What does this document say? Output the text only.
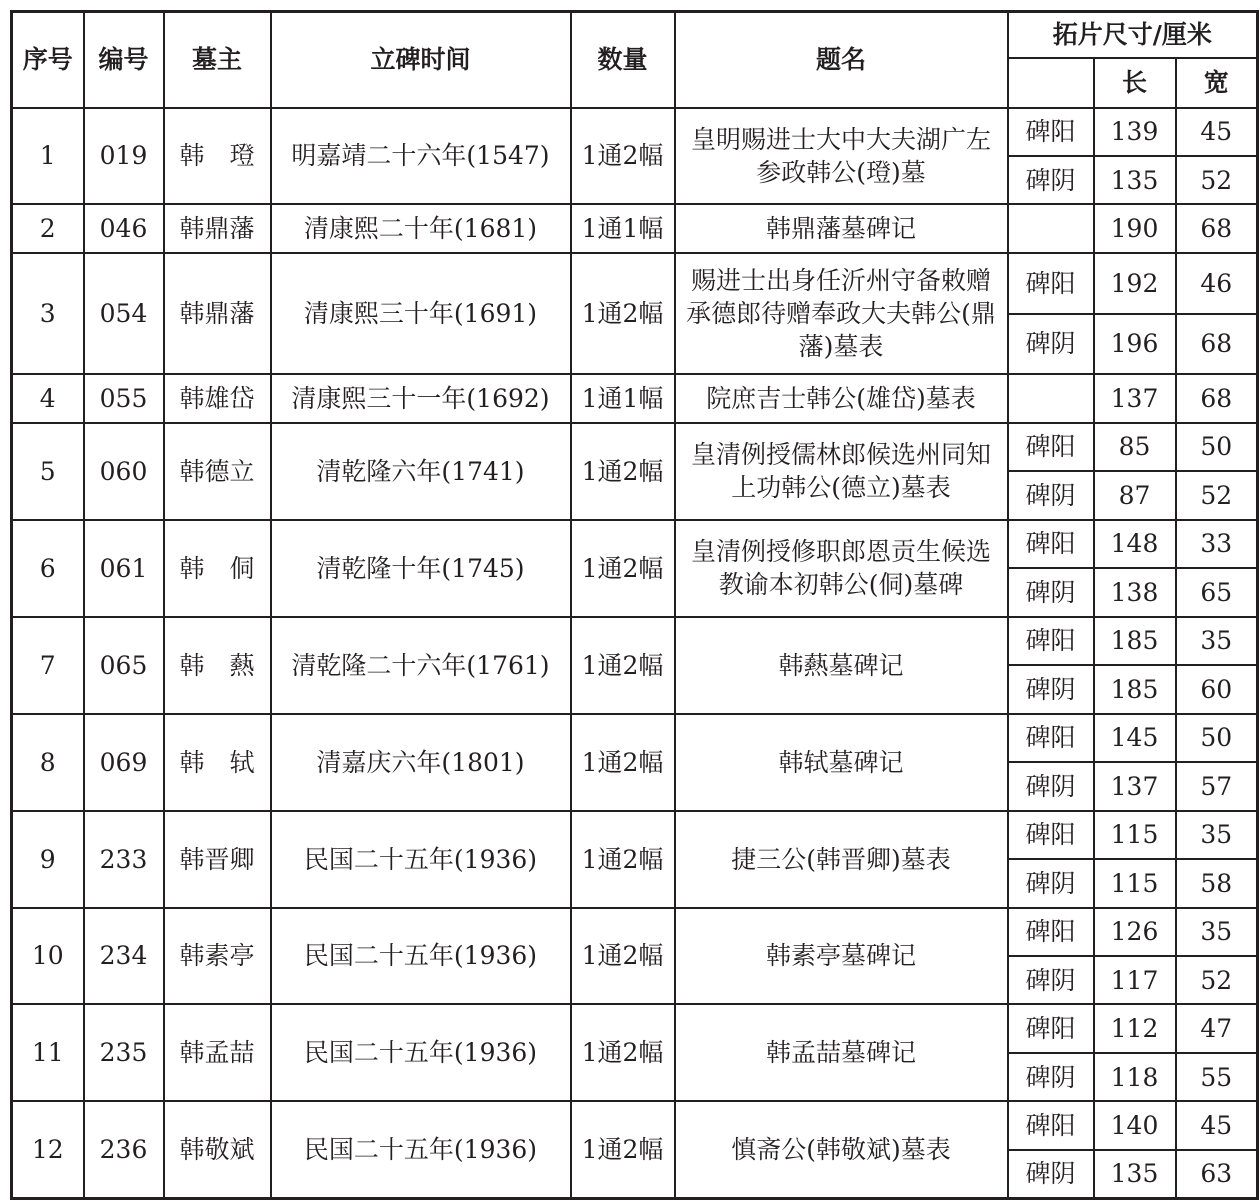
序号	编号	墓主	立碑时间	数量	题名	拓片尺寸/厘米		
							长	宽
1	019	韩　璒	明嘉靖二十六年(1547)	1通2幅	皇明赐进士大中大夫湖广左参政韩公(璒)墓	碑阳	139	45
						碑阴	135	52
2	046	韩鼎藩	清康熙二十年(1681)	1通1幅	韩鼎藩墓碑记		190	68
3	054	韩鼎藩	清康熙三十年(1691)	1通2幅	赐进士出身任沂州守备敕赠承德郎待赠奉政大夫韩公(鼎藩)墓表	碑阳	192	46
						碑阴	196	68
4	055	韩雄岱	清康熙三十一年(1692)	1通1幅	院庶吉士韩公(雄岱)墓表		137	68
5	060	韩德立	清乾隆六年(1741)	1通2幅	皇清例授儒林郎候选州同知上功韩公(德立)墓表	碑阳	85	50
						碑阴	87	52
6	061	韩　侗	清乾隆十年(1745)	1通2幅	皇清例授修职郎恩贡生候选教谕本初韩公(侗)墓碑	碑阳	148	33
						碑阴	138	65
7	065	韩　爇	清乾隆二十六年(1761)	1通2幅	韩爇墓碑记	碑阳	185	35
						碑阴	185	60
8	069	韩　轼	清嘉庆六年(1801)	1通2幅	韩轼墓碑记	碑阳	145	50
						碑阴	137	57
9	233	韩晋卿	民国二十五年(1936)	1通2幅	捷三公(韩晋卿)墓表	碑阳	115	35
						碑阴	115	58
10	234	韩素亭	民国二十五年(1936)	1通2幅	韩素亭墓碑记	碑阳	126	35
						碑阴	117	52
11	235	韩孟喆	民国二十五年(1936)	1通2幅	韩孟喆墓碑记	碑阳	112	47
						碑阴	118	55
12	236	韩敬斌	民国二十五年(1936)	1通2幅	慎斋公(韩敬斌)墓表	碑阳	140	45
						碑阴	135	63
